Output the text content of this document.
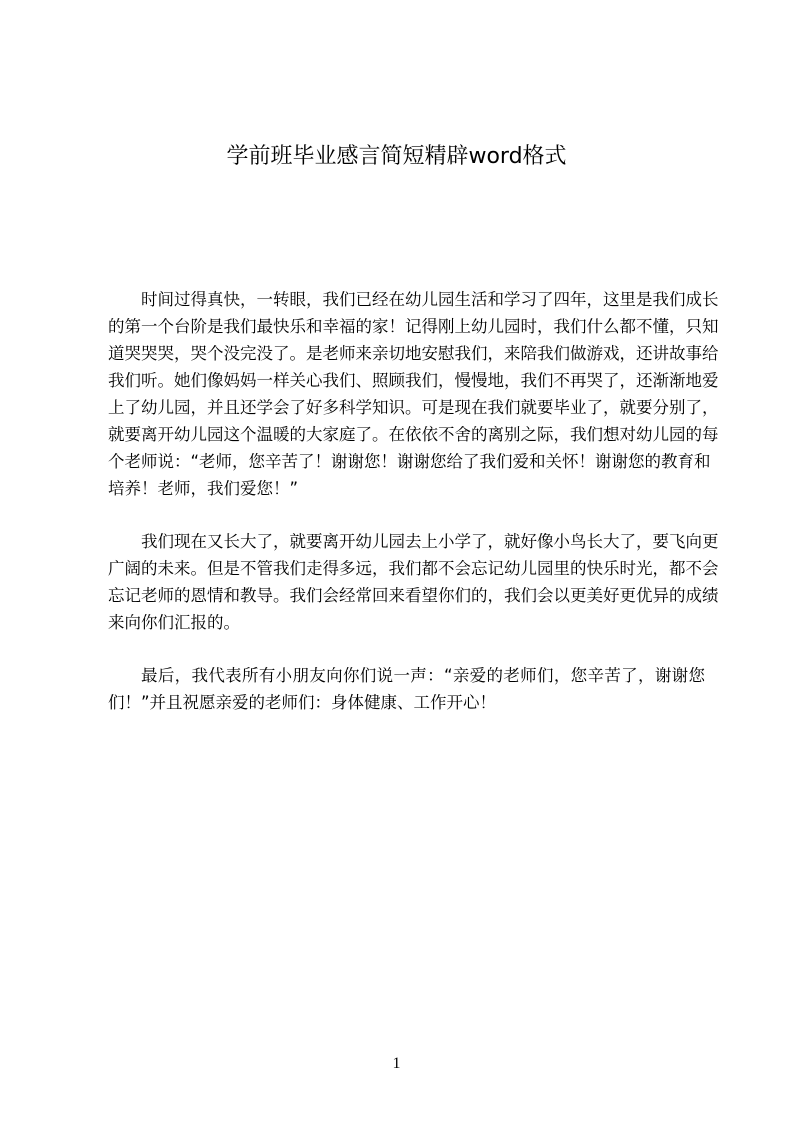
学前班毕业感言简短精辟word格式
时间过得真快，一转眼，我们已经在幼儿园生活和学习了四年，这里是我们成长
的第一个台阶是我们最快乐和幸福的家！记得刚上幼儿园时，我们什么都不懂，只知
道哭哭哭，哭个没完没了。是老师来亲切地安慰我们，来陪我们做游戏，还讲故事给
我们听。她们像妈妈一样关心我们、照顾我们，慢慢地，我们不再哭了，还渐渐地爱
上了幼儿园，并且还学会了好多科学知识。可是现在我们就要毕业了，就要分别了，
就要离开幼儿园这个温暖的大家庭了。在依依不舍的离别之际，我们想对幼儿园的每
个老师说：“老师，您辛苦了！谢谢您！谢谢您给了我们爱和关怀！谢谢您的教育和
培养！老师，我们爱您！”
我们现在又长大了，就要离开幼儿园去上小学了，就好像小鸟长大了，要飞向更
广阔的未来。但是不管我们走得多远，我们都不会忘记幼儿园里的快乐时光，都不会
忘记老师的恩情和教导。我们会经常回来看望你们的，我们会以更美好更优异的成绩
来向你们汇报的。
最后，我代表所有小朋友向你们说一声：“亲爱的老师们，您辛苦了，谢谢您
们！”并且祝愿亲爱的老师们：身体健康、工作开心！
1
